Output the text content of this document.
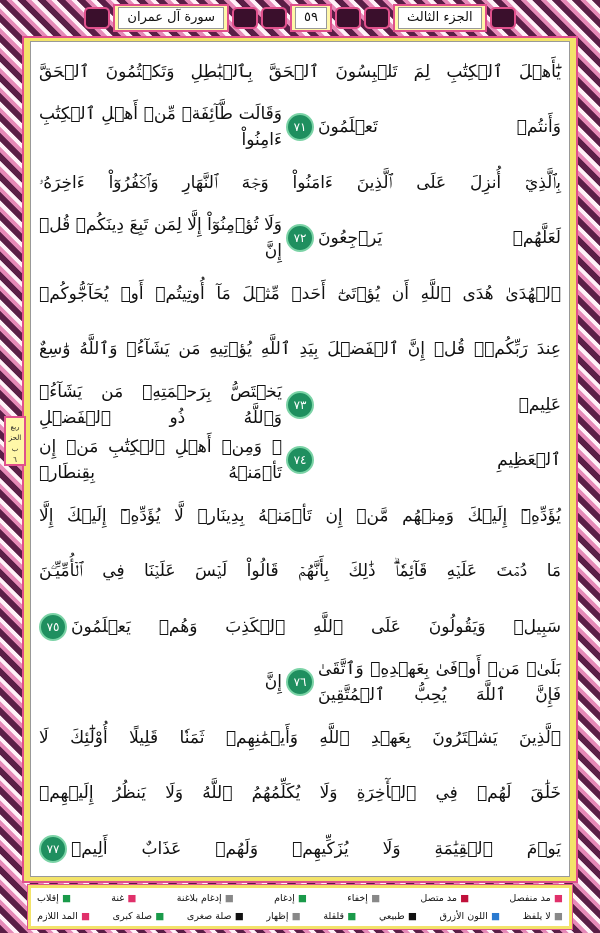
سورة آل عمران	٥٩	الجزء الثالث
ربع الحزب
٦
يَٰٓأَهۡلَ ٱلۡكِتَٰبِ لِمَ تَلۡبِسُونَ ٱلۡحَقَّ بِٱلۡبَٰطِلِ وَتَكۡتُمُونَ ٱلۡحَقَّ
وَأَنتُمۡ تَعۡلَمُونَ
٧١
وَقَالَت طَّآئِفَةٞ مِّنۡ أَهۡلِ ٱلۡكِتَٰبِ ءَامِنُواْ
بِٱلَّذِيٓ أُنزِلَ عَلَى ٱلَّذِينَ ءَامَنُواْ وَجۡهَ ٱلنَّهَارِ وَٱكۡفُرُوٓاْ ءَاخِرَهُۥ
لَعَلَّهُمۡ يَرۡجِعُونَ
٧٢
وَلَا تُؤۡمِنُوٓاْ إِلَّا لِمَن تَبِعَ دِينَكُمۡ قُلۡ إِنَّ
ٱلۡهُدَىٰ هُدَى ٱللَّهِ أَن يُؤۡتَىٰٓ أَحَدٞ مِّثۡلَ مَآ أُوتِيتُمۡ أَوۡ يُحَآجُّوكُمۡ
عِندَ رَبِّكُمۡۗ قُلۡ إِنَّ ٱلۡفَضۡلَ بِيَدِ ٱللَّهِ يُؤۡتِيهِ مَن يَشَآءُۗ وَٱللَّهُ وَٰسِعٌ
عَلِيمٞ
٧٣
يَخۡتَصُّ بِرَحۡمَتِهِۦ مَن يَشَآءُۗ وَٱللَّهُ ذُو ٱلۡفَضۡلِ
ٱلۡعَظِيمِ
٧٤
۞ وَمِنۡ أَهۡلِ ٱلۡكِتَٰبِ مَنۡ إِن تَأۡمَنۡهُ بِقِنطَارٖ
يُؤَدِّهِۦٓ إِلَيۡكَ وَمِنۡهُم مَّنۡ إِن تَأۡمَنۡهُ بِدِينَارٖ لَّا يُؤَدِّهِۦٓ إِلَيۡكَ إِلَّا
مَا دُمۡتَ عَلَيۡهِ قَآئِمٗاۗ ذَٰلِكَ بِأَنَّهُمۡ قَالُواْ لَيۡسَ عَلَيۡنَا فِي ٱلۡأُمِّيِّـۧنَ
سَبِيلٞ وَيَقُولُونَ عَلَى ٱللَّهِ ٱلۡكَذِبَ وَهُمۡ يَعۡلَمُونَ
٧٥
بَلَىٰۚ مَنۡ أَوۡفَىٰ بِعَهۡدِهِۦ وَٱتَّقَىٰ فَإِنَّ ٱللَّهَ يُحِبُّ ٱلۡمُتَّقِينَ
٧٦
إِنَّ
ٱلَّذِينَ يَشۡتَرُونَ بِعَهۡدِ ٱللَّهِ وَأَيۡمَٰنِهِمۡ ثَمَنٗا قَلِيلًا أُوْلَٰٓئِكَ لَا
خَلَٰقَ لَهُمۡ فِي ٱلۡأٓخِرَةِ وَلَا يُكَلِّمُهُمُ ٱللَّهُ وَلَا يَنظُرُ إِلَيۡهِمۡ
يَوۡمَ ٱلۡقِيَٰمَةِ وَلَا يُزَكِّيهِمۡ وَلَهُمۡ عَذَابٌ أَلِيمٞ
٧٧
■ مد منفصل
■ مد متصل
■ إخفاء
■ إدغام
■ إدغام بلاغنة
■ غنة
■ إقلاب
■ لا يلفظ
■ اللون الأزرق
■ طبيعي
■ قلقلة
■ إظهار
■ صلة صغرى
■ صلة كبرى
■ المد اللازم
